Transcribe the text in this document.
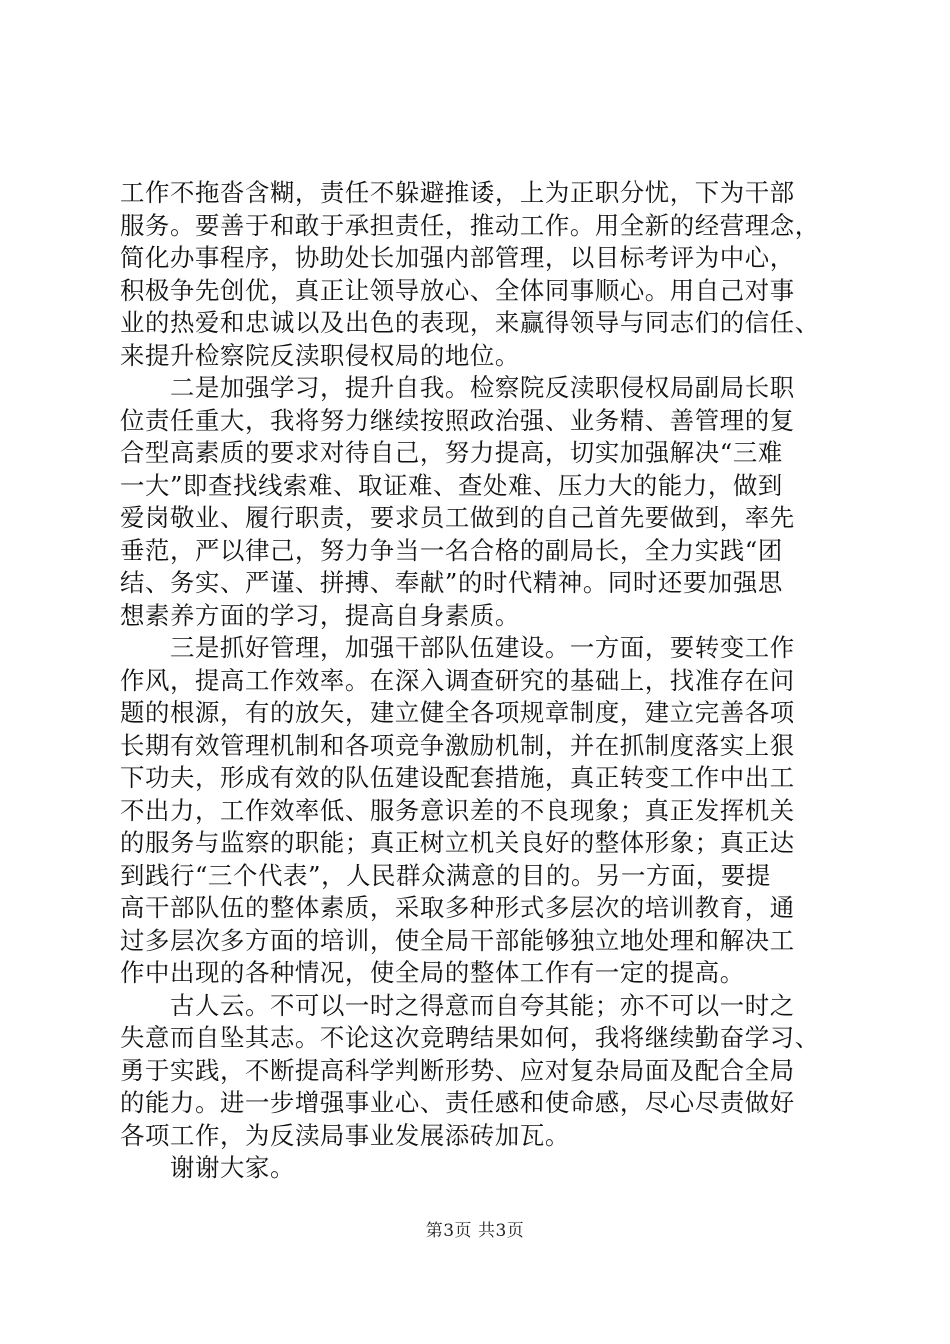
工作不拖沓含糊，责任不躲避推诿，上为正职分忧，下为干部
服务。要善于和敢于承担责任，推动工作。用全新的经营理念，
简化办事程序，协助处长加强内部管理，以目标考评为中心，
积极争先创优，真正让领导放心、全体同事顺心。用自己对事
业的热爱和忠诚以及出色的表现，来赢得领导与同志们的信任、
来提升检察院反渎职侵权局的地位。
二是加强学习，提升自我。检察院反渎职侵权局副局长职
位责任重大，我将努力继续按照政治强、业务精、善管理的复
合型高素质的要求对待自己，努力提高，切实加强解决“三难
一大”即查找线索难、取证难、查处难、压力大的能力，做到
爱岗敬业、履行职责，要求员工做到的自己首先要做到，率先
垂范，严以律己，努力争当一名合格的副局长，全力实践“团
结、务实、严谨、拼搏、奉献”的时代精神。同时还要加强思
想素养方面的学习，提高自身素质。
三是抓好管理，加强干部队伍建设。一方面，要转变工作
作风，提高工作效率。在深入调查研究的基础上，找准存在问
题的根源，有的放矢，建立健全各项规章制度，建立完善各项
长期有效管理机制和各项竞争激励机制，并在抓制度落实上狠
下功夫，形成有效的队伍建设配套措施，真正转变工作中出工
不出力，工作效率低、服务意识差的不良现象；真正发挥机关
的服务与监察的职能；真正树立机关良好的整体形象；真正达
到践行“三个代表”，人民群众满意的目的。另一方面，要提
高干部队伍的整体素质，采取多种形式多层次的培训教育，通
过多层次多方面的培训，使全局干部能够独立地处理和解决工
作中出现的各种情况，使全局的整体工作有一定的提高。
古人云。不可以一时之得意而自夸其能；亦不可以一时之
失意而自坠其志。不论这次竞聘结果如何，我将继续勤奋学习、
勇于实践，不断提高科学判断形势、应对复杂局面及配合全局
的能力。进一步增强事业心、责任感和使命感，尽心尽责做好
各项工作，为反渎局事业发展添砖加瓦。
谢谢大家。
第3页 共3页
